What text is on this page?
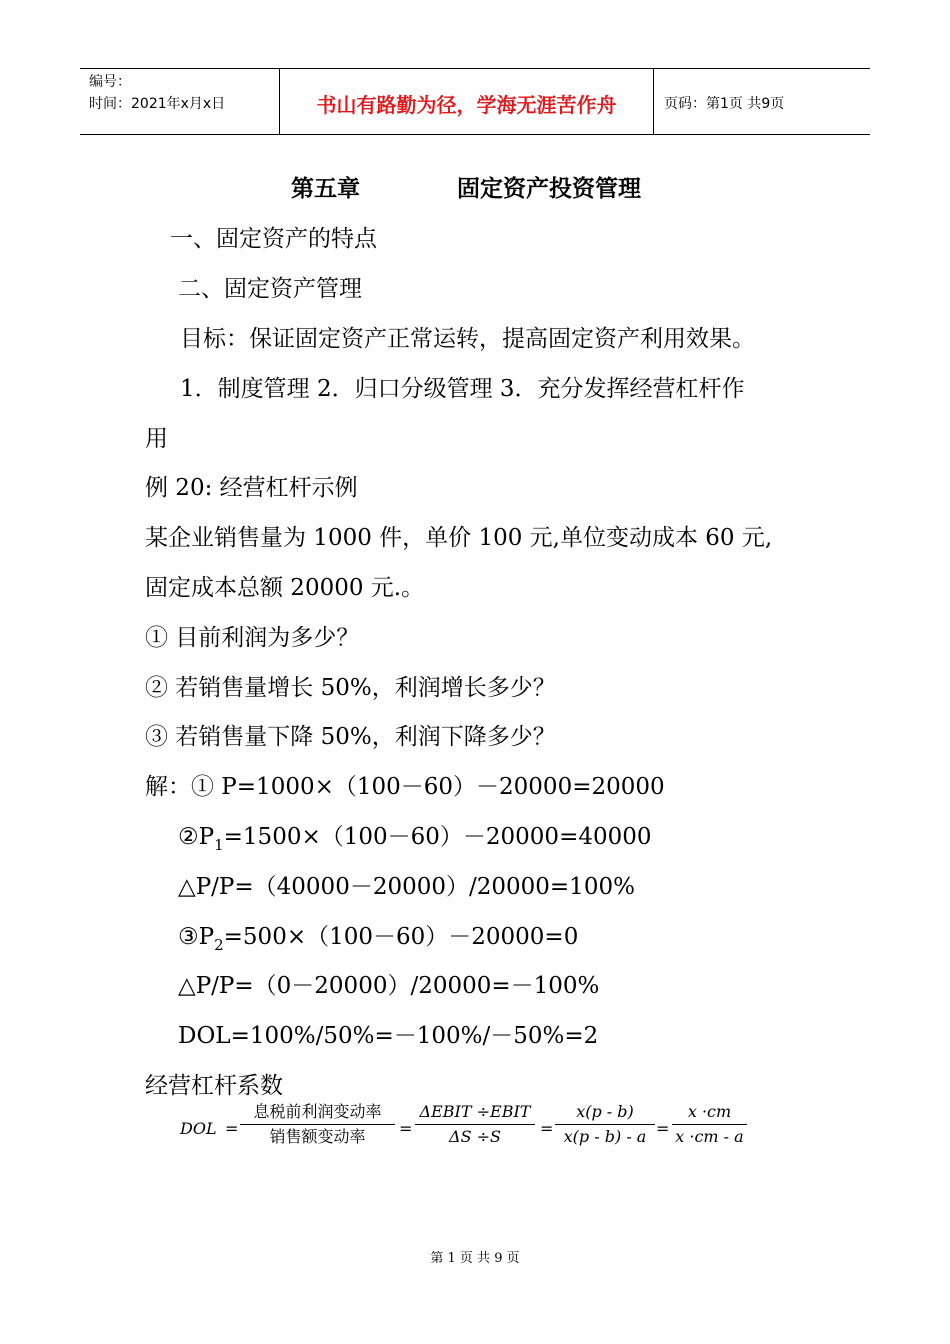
编号：
时间：2021年x月x日	书山有路勤为径，学海无涯苦作舟	页码：第1页 共9页
第五章	固定资产投资管理
一、固定资产的特点
二、固定资产管理
目标：保证固定资产正常运转，提高固定资产利用效果。
1．制度管理 2．归口分级管理 3．充分发挥经营杠杆作
用
例 20: 经营杠杆示例
某企业销售量为 1000 件，单价 100 元,单位变动成本 60 元,
固定成本总额 20000 元.。
① 目前利润为多少？
② 若销售量增长 50%，利润增长多少？
③ 若销售量下降 50%，利润下降多少？
解：① P=1000×（100－60）－20000=20000
$②P_1=1500\times(100-60)-20000=40000$
△P/P=（40000－20000）/20000=100%
$③P_2=500\times(100-60)-20000=0$
△P/P=（0－20000）/20000=－100%
DOL=100%/50%=－100%/－50%=2
经营杠杆系数
DOL =
息税前利润变动率
销售额变动率	=
ΔEBIT ÷EBIT
ΔS ÷S	=
x(p - b)
x(p - b) - a =
x ·cm
x ·cm - a
第 1 页 共 9 页
